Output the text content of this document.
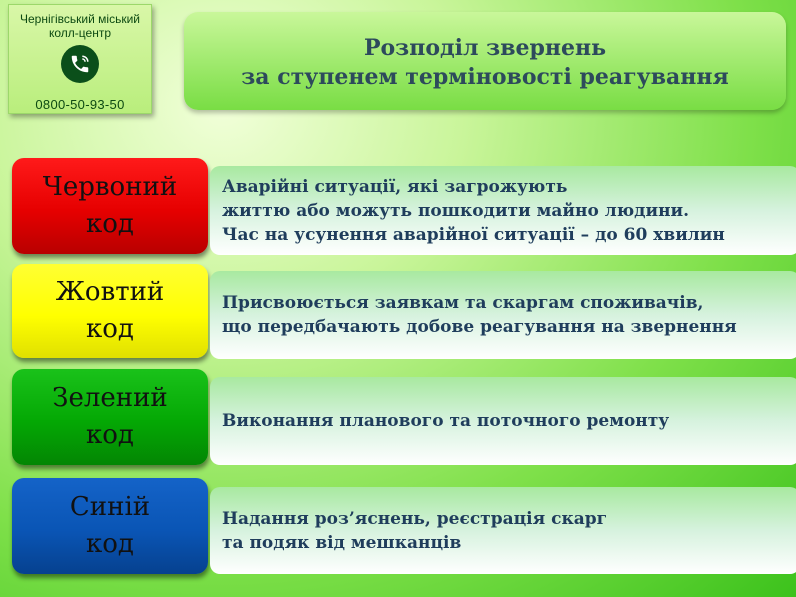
Чернігівський міський
колл-центр
0800-50-93-50
Розподіл звернень
за ступенем терміновості реагування
Червоний
код
Аварійні ситуації, які загрожують
життю або можуть пошкодити майно людини.
Час на усунення аварійної ситуації – до 60 хвилин
Жовтий
код
Присвоюється заявкам та скаргам споживачів,
що передбачають добове реагування на звернення
Зелений
код	Виконання планового та поточного ремонту
Синій
код
Надання роз’яснень, реєстрація скарг
та подяк від мешканців
